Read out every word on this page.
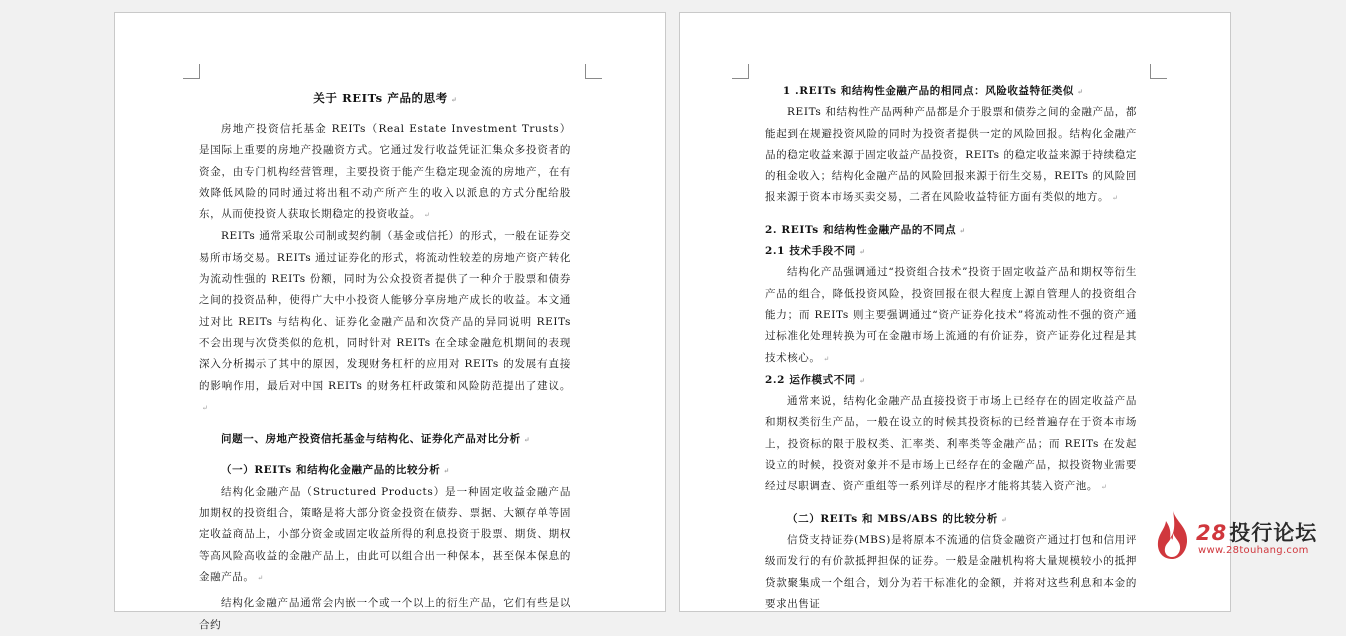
关于 REITs 产品的思考 ↵

房地产投资信托基金 REITs（Real Estate Investment Trusts）是国际上重要的房地产投融资方式。它通过发行收益凭证汇集众多投资者的资金，由专门机构经营管理，主要投资于能产生稳定现金流的房地产，在有效降低风险的同时通过将出租不动产所产生的收入以派息的方式分配给股东，从而使投资人获取长期稳定的投资收益。 ↵

REITs 通常采取公司制或契约制（基金或信托）的形式，一般在证券交易所市场交易。REITs 通过证券化的形式，将流动性较差的房地产资产转化为流动性强的 REITs 份额，同时为公众投资者提供了一种介于股票和债券之间的投资品种，使得广大中小投资人能够分享房地产成长的收益。本文通过对比 REITs 与结构化、证券化金融产品和次贷产品的异同说明 REITs 不会出现与次贷类似的危机，同时针对 REITs 在全球金融危机期间的表现深入分析揭示了其中的原因，发现财务杠杆的应用对 REITs 的发展有直接的影响作用，最后对中国 REITs 的财务杠杆政策和风险防范提出了建议。↵

问题一、房地产投资信托基金与结构化、证券化产品对比分析 ↵

（一）REITs 和结构化金融产品的比较分析 ↵

结构化金融产品（Structured Products）是一种固定收益金融产品加期权的投资组合，策略是将大部分资金投资在债券、票据、大额存单等固定收益商品上，小部分资金或固定收益所得的利息投资于股票、期货、期权等高风险高收益的金融产品上，由此可以组合出一种保本，甚至保本保息的金融产品。 ↵

结构化金融产品通常会内嵌一个或一个以上的衍生产品，它们有些是以合约

1 .REITs 和结构性金融产品的相同点：风险收益特征类似 ↵

REITs 和结构性产品两种产品都是介于股票和债券之间的金融产品，都能起到在规避投资风险的同时为投资者提供一定的风险回报。结构化金融产品的稳定收益来源于固定收益产品投资，REITs 的稳定收益来源于持续稳定的租金收入；结构化金融产品的风险回报来源于衍生交易，REITs 的风险回报来源于资本市场买卖交易，二者在风险收益特征方面有类似的地方。 ↵

2. REITs 和结构性金融产品的不同点 ↵

2.1 技术手段不同 ↵

结构化产品强调通过“投资组合技术”投资于固定收益产品和期权等衍生产品的组合，降低投资风险，投资回报在很大程度上源自管理人的投资组合能力；而 REITs 则主要强调通过“资产证券化技术”将流动性不强的资产通过标准化处理转换为可在金融市场上流通的有价证券，资产证券化过程是其技术核心。 ↵

2.2 运作模式不同 ↵

通常来说，结构化金融产品直接投资于市场上已经存在的固定收益产品和期权类衍生产品，一般在设立的时候其投资标的已经普遍存在于资本市场上，投资标的限于股权类、汇率类、利率类等金融产品；而 REITs 在发起设立的时候，投资对象并不是市场上已经存在的金融产品，拟投资物业需要经过尽职调查、资产重组等一系列详尽的程序才能将其装入资产池。 ↵

（二）REITs 和 MBS/ABS 的比较分析 ↵

信贷支持证券(MBS)是将原本不流通的信贷金融资产通过打包和信用评级而发行的有价款抵押担保的证券。一般是金融机构将大量规模较小的抵押贷款聚集成一个组合，划分为若干标准化的金额，并将对这些利息和本金的要求出售证

28投行论坛
www.28touhang.com
